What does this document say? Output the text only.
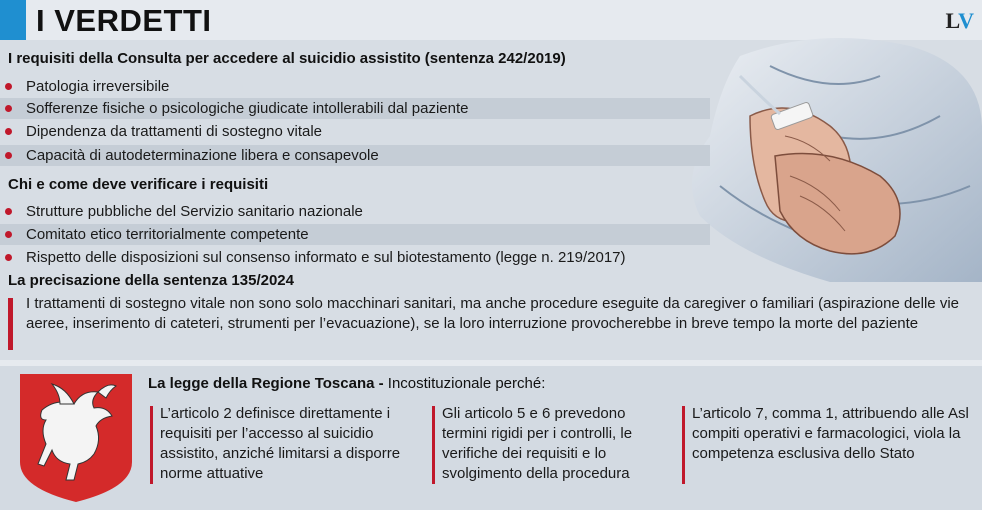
I VERDETTI	LV
I requisiti della Consulta per accedere al suicidio assistito (sentenza 242/2019)
Patologia irreversibile
Sofferenze fisiche o psicologiche giudicate intollerabili dal paziente
Dipendenza da trattamenti di sostegno vitale
Capacità di autodeterminazione libera e consapevole
Chi e come deve verificare i requisiti
Strutture pubbliche del Servizio sanitario nazionale
Comitato etico territorialmente competente
Rispetto delle disposizioni sul consenso informato e sul biotestamento (legge n. 219/2017)
La precisazione della sentenza 135/2024
I trattamenti di sostegno vitale non sono solo macchinari sanitari, ma anche procedure eseguite da caregiver o familiari (aspirazione delle vie aeree, inserimento di cateteri, strumenti per l’evacuazione), se la loro interruzione provocherebbe in breve tempo la morte del paziente
La legge della Regione Toscana - Incostituzionale perché:
L’articolo 2 definisce direttamente i requisiti per l’accesso al suicidio assistito, anziché limitarsi a disporre norme attuative
Gli articolo 5 e 6 prevedono termini rigidi per i controlli, le verifiche dei requisiti e lo svolgimento della procedura
L’articolo 7, comma 1, attribuendo alle Asl compiti operativi e farmacologici, viola la competenza esclusiva dello Stato
